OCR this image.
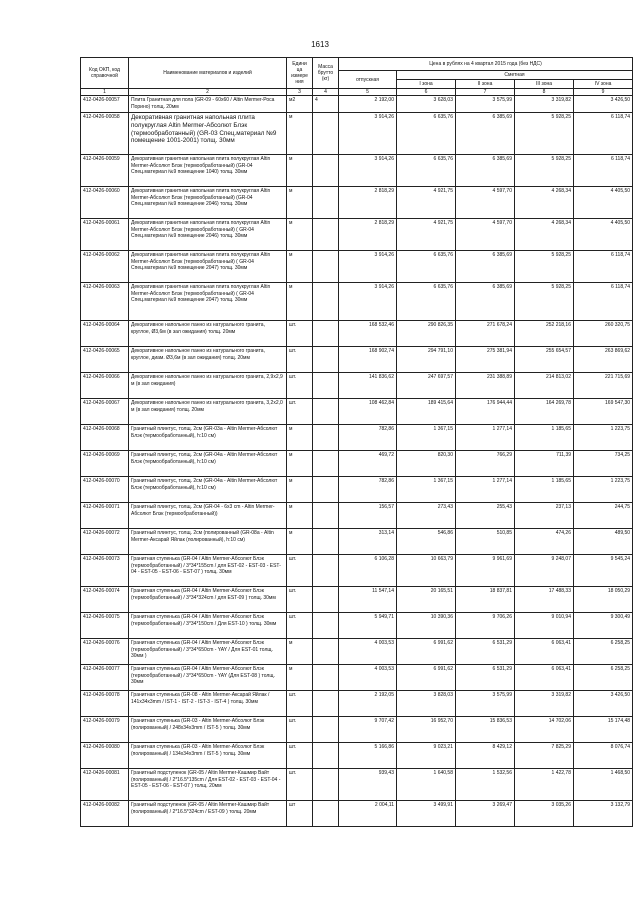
1613
Код ОКП, код справочной	Наименование материалов и изделий	Едини ца измере ния	Масса брутто (кг)	Цена в рублях на 4 квартал 2015 года (без НДС)				
				отпускная	Сметная			
					I зона	II зона	III зона	IV зона
1	2	3	4	5	6	7	8	9
412-0426-00057	Плита Гранитная для пола (GR-09 - 60х60 / Altin Mermer-Роса Порино) толщ. 20мм	м2	4	2 192,00	3 628,03	3 575,99	3 319,82	3 426,50
412-0426-00058	Декоративная гранитная напольная плита полукруглая Altin Mermer-Абсолют Блэк (термообработанный) (GR-03 Спец.материал №9 помещение 1001-2001) толщ. 30мм	м		3 914,26	6 635,76	6 385,69	5 928,25	6 118,74
412-0426-00059	Декоративная гранитная напольная плита полукруглая Altin Mermer-Абсолют Блэк (термообработанный) (GR-04 Спец.материал №9 помещение 1040) толщ. 30мм	м		3 914,26	6 635,76	6 385,69	5 928,25	6 118,74
412-0426-00060	Декоративная гранитная напольная плита полукруглая Altin Mermer-Абсолют Блэк (термообработанный) (GR-04 Спец.материал №9 помещение 2046) толщ. 30мм	м		2 818,29	4 921,75	4 597,70	4 268,34	4 405,50
412-0426-00061	Декоративная гранитная напольная плита полукруглая Altin Mermer-Абсолют Блэк (термообработанный) ( GR-04 Спец.материал №9 помещение 2046) толщ. 30мм	м		2 818,29	4 921,75	4 597,70	4 268,34	4 405,50
412-0426-00062	Декоративная гранитная напольная плита полукруглая Altin Mermer-Абсолют Блэк (термообработанный) ( GR-04 Спец.материал №9 помещение 2047) толщ. 30мм	м		3 914,26	6 635,76	6 385,69	5 928,25	6 118,74
412-0426-00063	Декоративная гранитная напольная плита полукруглая Altin Mermer-Абсолют Блэк (термообработанный) ( GR-04 Спец.материал №9 помещение 2047) толщ. 30мм	м		3 914,26	6 635,76	6 385,69	5 928,25	6 118,74
412-0426-00064	Декоративное напольное панно из натурального гранита, круглое, Ø3,6м (в зал ожидания) толщ. 20мм	шт.		168 532,46	290 826,35	271 678,24	252 218,16	260 320,75
412-0426-00065	Декоративное напольное панно из натурального гранита, круглое, диам. Ø3,6м (в зал ожидания) толщ. 20мм	шт.		168 902,74	294 791,10	275 381,94	255 654,57	263 869,62
412-0426-00066	Декоративное напольное панно из натурального гранита, 2,9х2,9 м (в зал ожидания)	шт.		141 836,62	247 697,57	231 388,89	214 813,02	221 715,69
412-0426-00067	Декоративное напольное панно из натурального гранита, 3,2х2,0 м (в зал ожидания) толщ. 20мм	шт.		108 462,84	189 415,64	176 944,44	164 269,78	169 547,30
412-0426-00068	Гранитный плинтус, толщ. 2см (GR-03а - Altin Mermer-Абсолют Блэк (термообработанный), h:10 см)	м		782,86	1 367,15	1 277,14	1 185,65	1 223,75
412-0426-00069	Гранитный плинтус, толщ. 2см (GR-04а - Altin Mermer-Абсолют Блэк (термообработанный), h:10 см)	м		469,72	820,30	766,29	711,39	734,25
412-0426-00070	Гранитный плинтус, толщ. 2см (GR-04а - Altin Mermer-Абсолют Блэк (термообработанный), h:10 см)	м		782,86	1 367,15	1 277,14	1 185,65	1 223,75
412-0426-00071	Гранитный плинтус, толщ. 2см (GR-04 - 6х3 cm - Altin Mermer-Абсолют Блэк (термообработанный))	м		156,57	273,43	255,43	237,13	244,75
412-0426-00072	Гранитный плинтус, толщ. 2см (полированный (GR-08а - Altin Mermer-Аксарай Яйлак (полированный), h:10 см)	м		313,14	546,86	510,85	474,26	489,50
412-0426-00073	Гранитная ступенька (GR-04 / Altin Mermer-Абсолют Блэк (термообработанный) / 3*34*155cm / для EST-02 - EST-03 - EST-04 - EST-05 - EST-06 - EST-07 ) толщ. 30мм	шт.		6 106,28	10 663,79	9 961,69	9 248,07	9 545,24
412-0426-00074	Гранитная ступенька (GR-04 / Altin Mermer-Абсолют Блэк (термообработанный) / 3*34*324cm / для EST-09 ) толщ. 30мм	шт.		11 547,14	20 165,51	18 837,81	17 488,33	18 050,29
412-0426-00075	Гранитная ступенька (GR-04 / Altin Mermer-Абсолют Блэк (термообработанный) / 3*34*150cm / Для EST-10 ) толщ. 30мм	шт.		5 949,71	10 390,36	9 706,26	9 010,94	9 300,49
412-0426-00076	Гранитная ступенька (GR-04 / Altin Mermer-Абсолют Блэк (термообработанный) / 3*34*650cm - YAY / Для EST-01 толщ. 30мм )	м		4 003,53	6 991,62	6 531,29	6 063,41	6 258,25
412-0426-00077	Гранитная ступенька (GR-04 / Altin Mermer-Абсолют Блэк (термообработанный) / 3*34*650cm - YAY (Для EST-08 ) толщ. 30мм	м		4 003,53	6 991,62	6 531,29	6 063,41	6 258,25
412-0426-00078	Гранитная ступенька (GR-08 - Altin Mermer-Аксарай Яйлак / 141х34х3mm / IST-1 - IST-2 - IST-3 - IST-4 ) толщ. 30мм	шт.		2 192,05	3 828,03	3 575,99	3 319,82	3 426,50
412-0426-00079	Гранитная ступенька (GR-03 - Altin Mermer-Абсолют Блэк (полированный) / 248х34х3mm / IST-5 ) толщ. 30мм	шт.		9 707,42	16 952,70	15 836,53	14 702,06	15 174,48
412-0426-00080	Гранитная ступенька (GR-03 - Altin Mermer-Абсолют Блэк (полированный) / 134х34х3mm / IST-5 ) толщ. 30мм	шт.		5 166,86	9 023,21	8 429,12	7 825,29	8 076,74
412-0426-00081	Гранитный подступенок (GR-05 / Altin Mermer-Кашмир Вайт (полированный) / 2*16.5*135cm / Для EST-02 - EST-03 - EST-04 - EST-05 - EST-06 - EST-07 ) толщ. 20мм	шт.		939,43	1 640,58	1 532,56	1 422,78	1 468,50
412-0426-00082	Гранитный подступенок (GR-05 / Altin Mermer-Кашмир Вайт (полированный) / 2*16.5*324cm / EST-09 ) толщ. 20мм	шт		2 004,11	3 499,91	3 269,47	3 035,26	3 132,79
